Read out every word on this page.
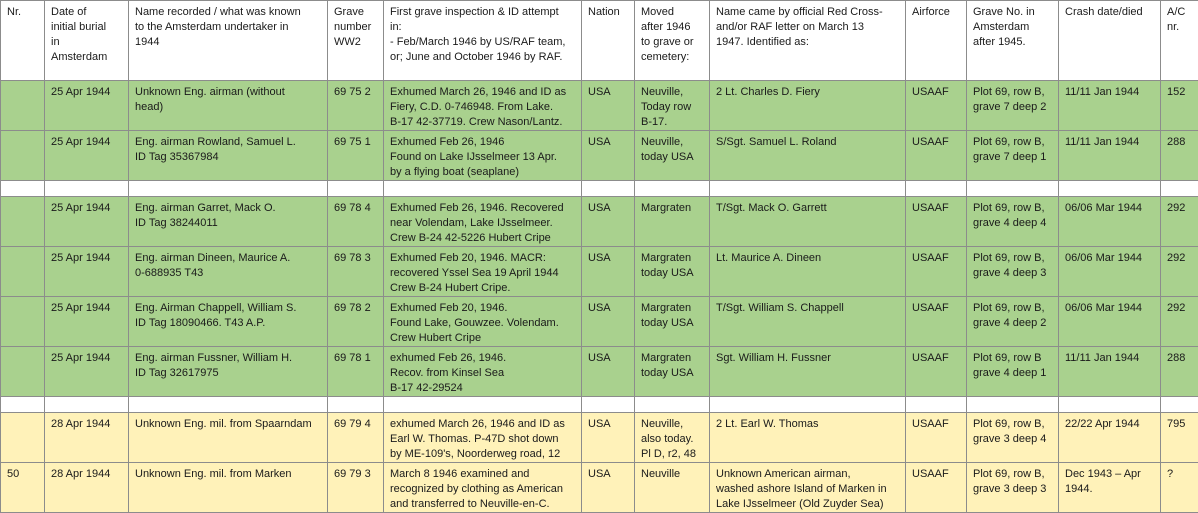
Nr.	Date of
initial burial
in
Amsterdam	Name recorded / what was known
to the Amsterdam undertaker in
1944	Grave
number
WW2	First grave inspection & ID attempt
in:
- Feb/March 1946 by US/RAF team,
or; June and October 1946 by RAF.	Nation	Moved
after 1946
to grave or
cemetery:	Name came by official Red Cross-
and/or RAF letter on March 13
1947. Identified as:	Airforce	Grave No. in
Amsterdam
after 1945.	Crash date/died	A/C
nr.

	25 Apr 1944	Unknown Eng. airman (without
head)	69 75 2	Exhumed March 26, 1946 and ID as
Fiery, C.D. 0-746948. From Lake.
B-17 42-37719. Crew Nason/Lantz.	USA	Neuville,
Today row
B-17.	2 Lt. Charles D. Fiery	USAAF	Plot 69, row B,
grave 7 deep 2	11/11 Jan 1944	152

	25 Apr 1944	Eng. airman Rowland, Samuel L.
ID Tag 35367984	69 75 1	Exhumed Feb 26, 1946
Found on Lake IJsselmeer 13 Apr.
by a flying boat (seaplane)	USA	Neuville,
today USA	S/Sgt. Samuel L. Roland	USAAF	Plot 69, row B,
grave 7 deep 1	11/11 Jan 1944	288

	25 Apr 1944	Eng. airman Garret, Mack O.
ID Tag 38244011	69 78 4	Exhumed Feb 26, 1946. Recovered
near Volendam, Lake IJsselmeer.
Crew B-24 42-5226 Hubert Cripe	USA	Margraten	T/Sgt. Mack O. Garrett	USAAF	Plot 69, row B,
grave 4 deep 4	06/06 Mar 1944	292

	25 Apr 1944	Eng. airman Dineen, Maurice A.
0-688935 T43	69 78 3	Exhumed Feb 20, 1946. MACR:
recovered Yssel Sea 19 April 1944
Crew B-24 Hubert Cripe.	USA	Margraten
today USA	Lt. Maurice A. Dineen	USAAF	Plot 69, row B,
grave 4 deep 3	06/06 Mar 1944	292

	25 Apr 1944	Eng. Airman Chappell, William S.
ID Tag 18090466. T43 A.P.	69 78 2	Exhumed Feb 20, 1946.
Found Lake, Gouwzee. Volendam.
Crew Hubert Cripe	USA	Margraten
today USA	T/Sgt. William S. Chappell	USAAF	Plot 69, row B,
grave 4 deep 2	06/06 Mar 1944	292

	25 Apr 1944	Eng. airman Fussner, William H.
ID Tag 32617975	69 78 1	exhumed Feb 26, 1946.
Recov. from Kinsel Sea
B-17 42-29524	USA	Margraten
today USA	Sgt. William H. Fussner	USAAF	Plot 69, row B
grave 4 deep 1	11/11 Jan 1944	288

	28 Apr 1944	Unknown Eng. mil. from Spaarndam	69 79 4	exhumed March 26, 1946 and ID as
Earl W. Thomas. P-47D shot down
by ME-109's, Noorderweg road, 12	USA	Neuville,
also today.
Pl D, r2, 48	2 Lt. Earl W. Thomas	USAAF	Plot 69, row B,
grave 3 deep 4	22/22 Apr 1944	795

50	28 Apr 1944	Unknown Eng. mil. from Marken	69 79 3	March 8 1946 examined and
recognized by clothing as American
and transferred to Neuville-en-C.	USA	Neuville	Unknown American airman,
washed ashore Island of Marken in
Lake IJsselmeer (Old Zuyder Sea)	USAAF	Plot 69, row B,
grave 3 deep 3	Dec 1943 – Apr
1944.	?
